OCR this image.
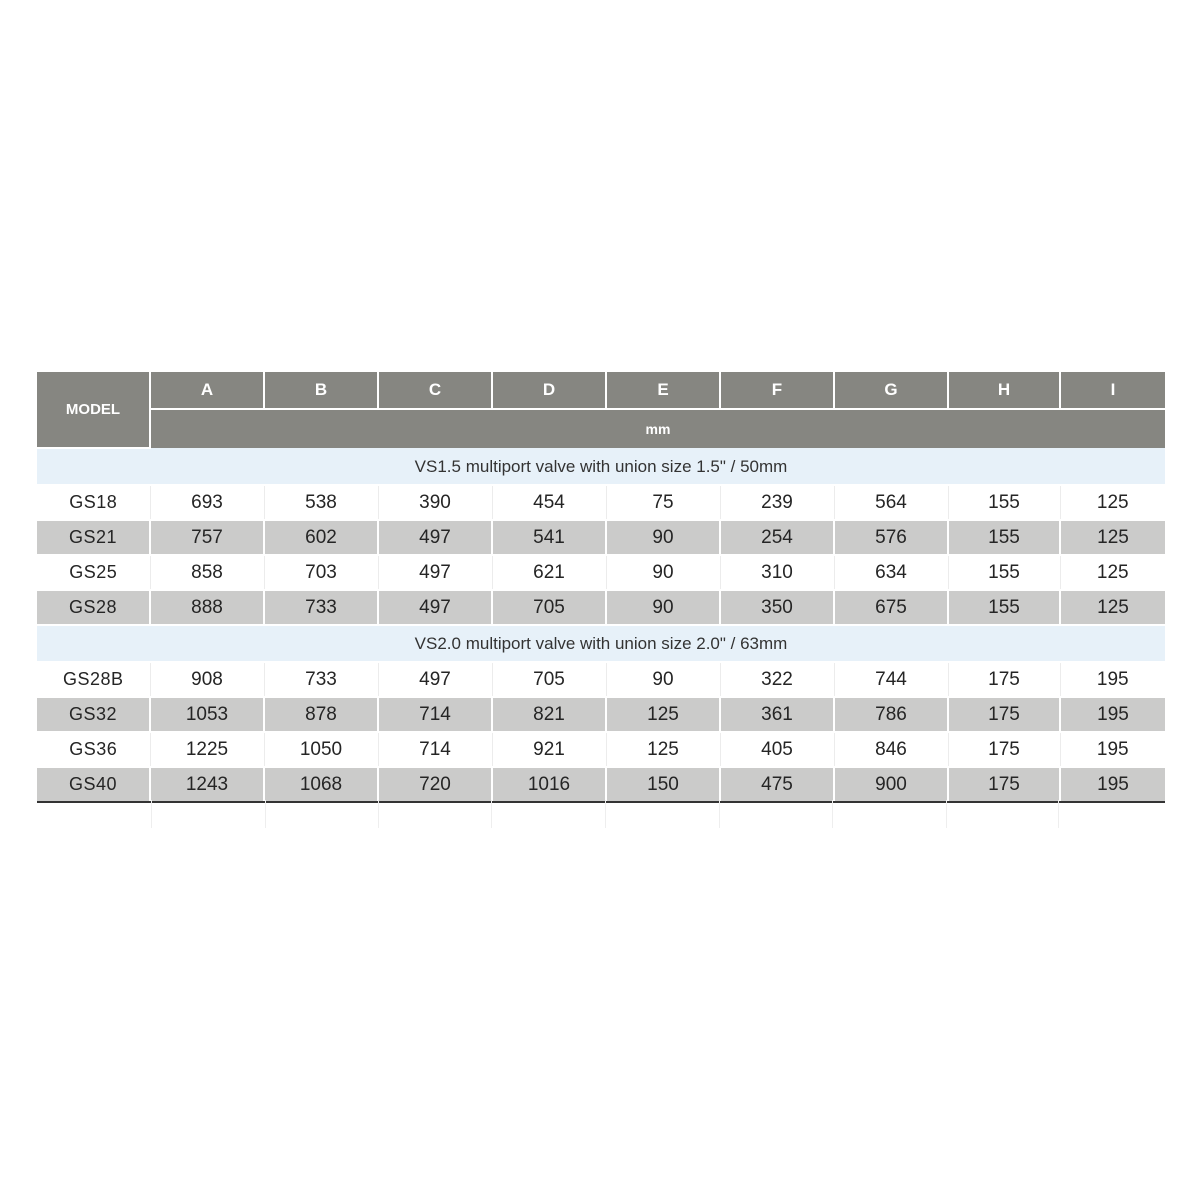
MODEL	A	B	C	D	E	F	G	H	I
	mm								
VS1.5 multiport valve with union size 1.5" / 50mm									
GS18	693	538	390	454	75	239	564	155	125
GS21	757	602	497	541	90	254	576	155	125
GS25	858	703	497	621	90	310	634	155	125
GS28	888	733	497	705	90	350	675	155	125
VS2.0 multiport valve with union size 2.0" / 63mm									
GS28B	908	733	497	705	90	322	744	175	195
GS32	1053	878	714	821	125	361	786	175	195
GS36	1225	1050	714	921	125	405	846	175	195
GS40	1243	1068	720	1016	150	475	900	175	195
